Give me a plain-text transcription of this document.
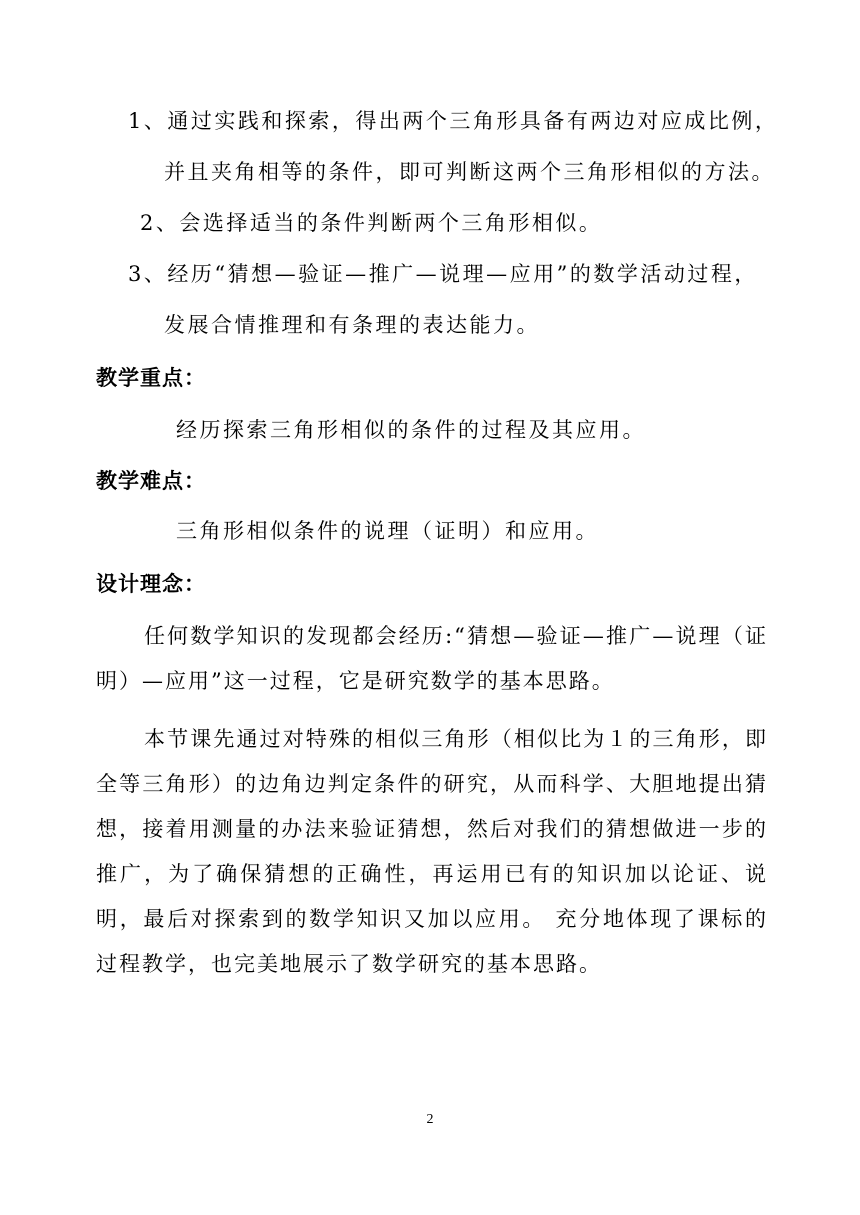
1、通过实践和探索，得出两个三角形具备有两边对应成比例，
并且夹角相等的条件，即可判断这两个三角形相似的方法。
2、会选择适当的条件判断两个三角形相似。
3、经历“猜想—验证—推广—说理—应用”的数学活动过程，
发展合情推理和有条理的表达能力。
教学重点：
经历探索三角形相似的条件的过程及其应用。
教学难点：
三角形相似条件的说理（证明）和应用。
设计理念：
任何数学知识的发现都会经历:“猜想—验证—推广—说理（证明）—应用”这一过程，它是研究数学的基本思路。
本节课先通过对特殊的相似三角形（相似比为１的三角形，即全等三角形）的边角边判定条件的研究，从而科学、大胆地提出猜想，接着用测量的办法来验证猜想，然后对我们的猜想做进一步的推广，为了确保猜想的正确性，再运用已有的知识加以论证、说明，最后对探索到的数学知识又加以应用。 充分地体现了课标的过程教学，也完美地展示了数学研究的基本思路。
2
